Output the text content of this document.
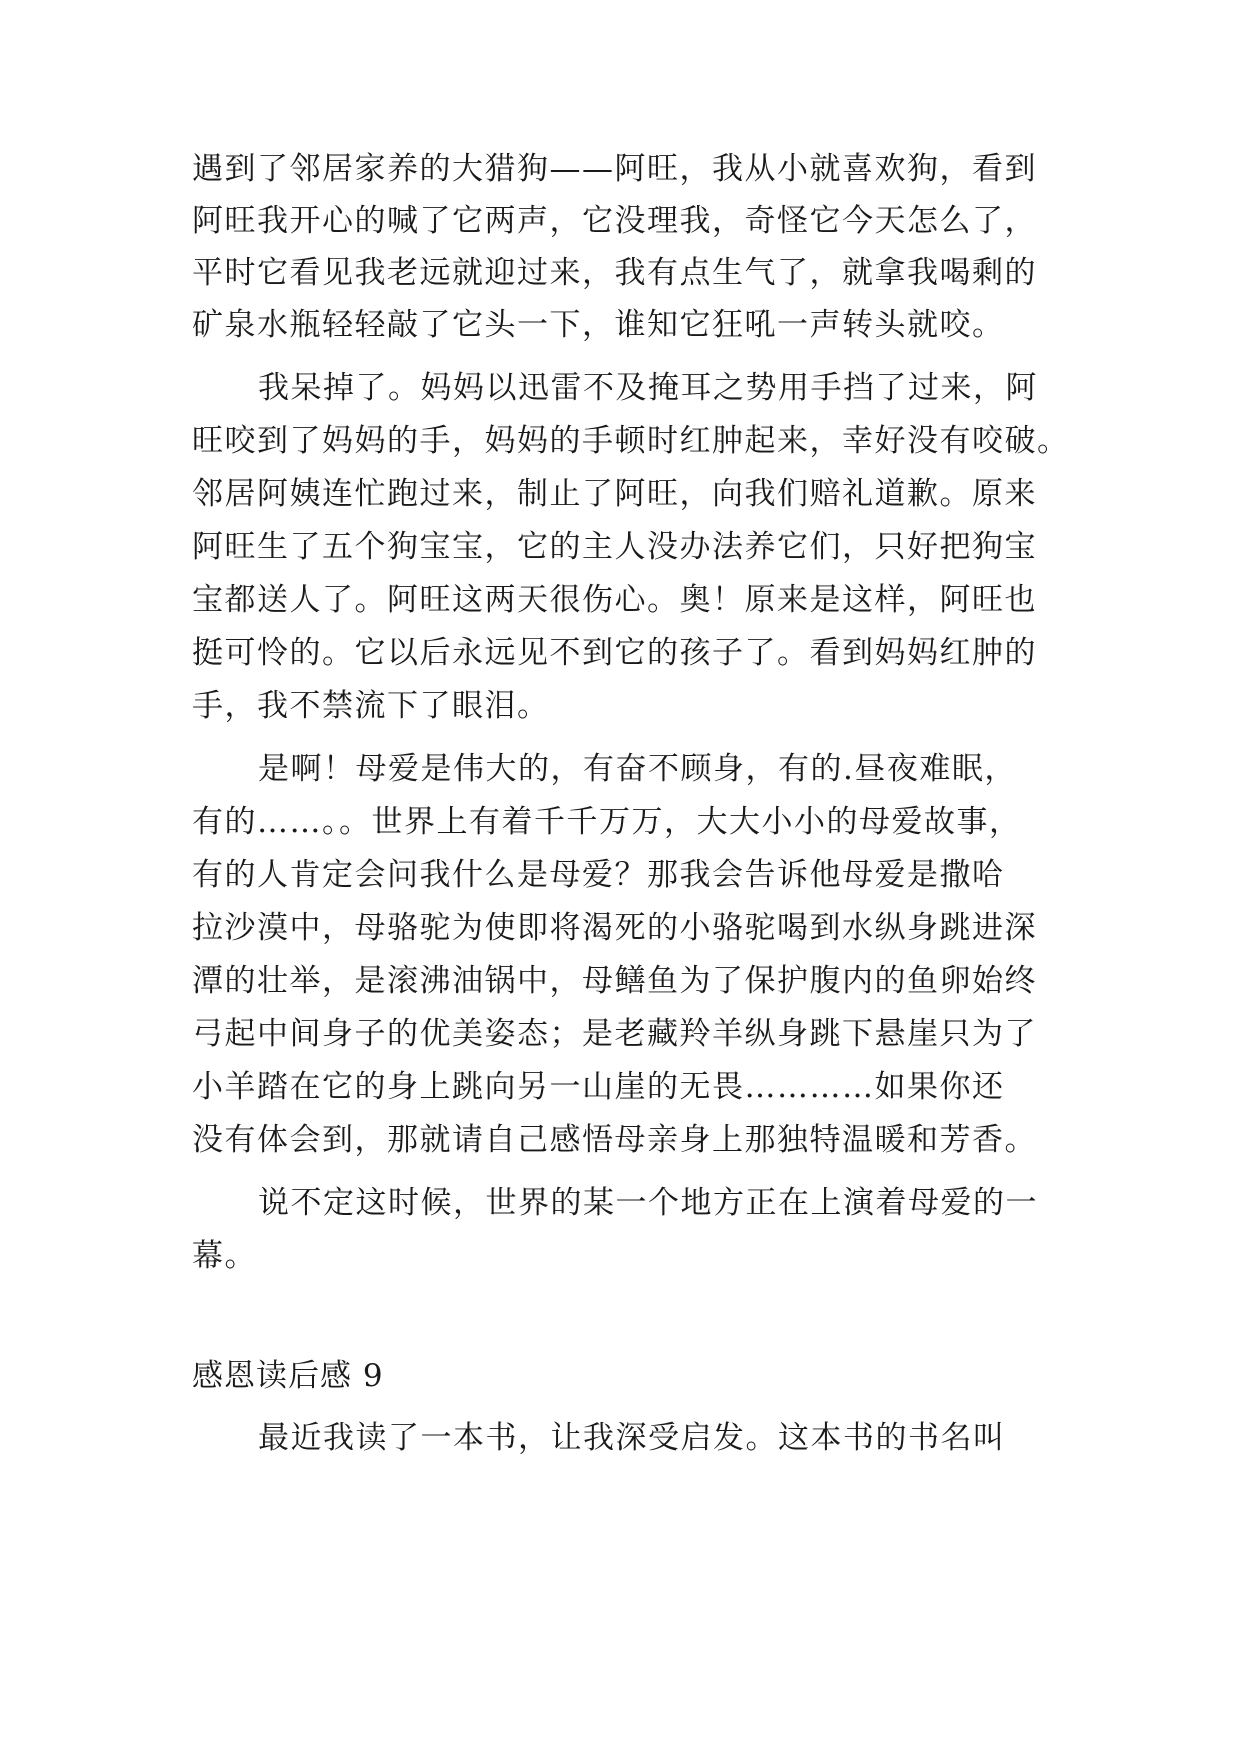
遇到了邻居家养的大猎狗——阿旺，我从小就喜欢狗，看到
阿旺我开心的喊了它两声，它没理我，奇怪它今天怎么了，
平时它看见我老远就迎过来，我有点生气了，就拿我喝剩的
矿泉水瓶轻轻敲了它头一下，谁知它狂吼一声转头就咬。
我呆掉了。妈妈以迅雷不及掩耳之势用手挡了过来，阿
旺咬到了妈妈的手，妈妈的手顿时红肿起来，幸好没有咬破。
邻居阿姨连忙跑过来，制止了阿旺，向我们赔礼道歉。原来
阿旺生了五个狗宝宝，它的主人没办法养它们，只好把狗宝
宝都送人了。阿旺这两天很伤心。奥！原来是这样，阿旺也
挺可怜的。它以后永远见不到它的孩子了。看到妈妈红肿的
手，我不禁流下了眼泪。
是啊！母爱是伟大的，有奋不顾身，有的.昼夜难眠，
有的……。。世界上有着千千万万，大大小小的母爱故事，
有的人肯定会问我什么是母爱？那我会告诉他母爱是撒哈
拉沙漠中，母骆驼为使即将渴死的小骆驼喝到水纵身跳进深
潭的壮举，是滚沸油锅中，母鳝鱼为了保护腹内的鱼卵始终
弓起中间身子的优美姿态；是老藏羚羊纵身跳下悬崖只为了
小羊踏在它的身上跳向另一山崖的无畏…………如果你还
没有体会到，那就请自己感悟母亲身上那独特温暖和芳香。
说不定这时候，世界的某一个地方正在上演着母爱的一
幕。
感恩读后感 9
最近我读了一本书，让我深受启发。这本书的书名叫
